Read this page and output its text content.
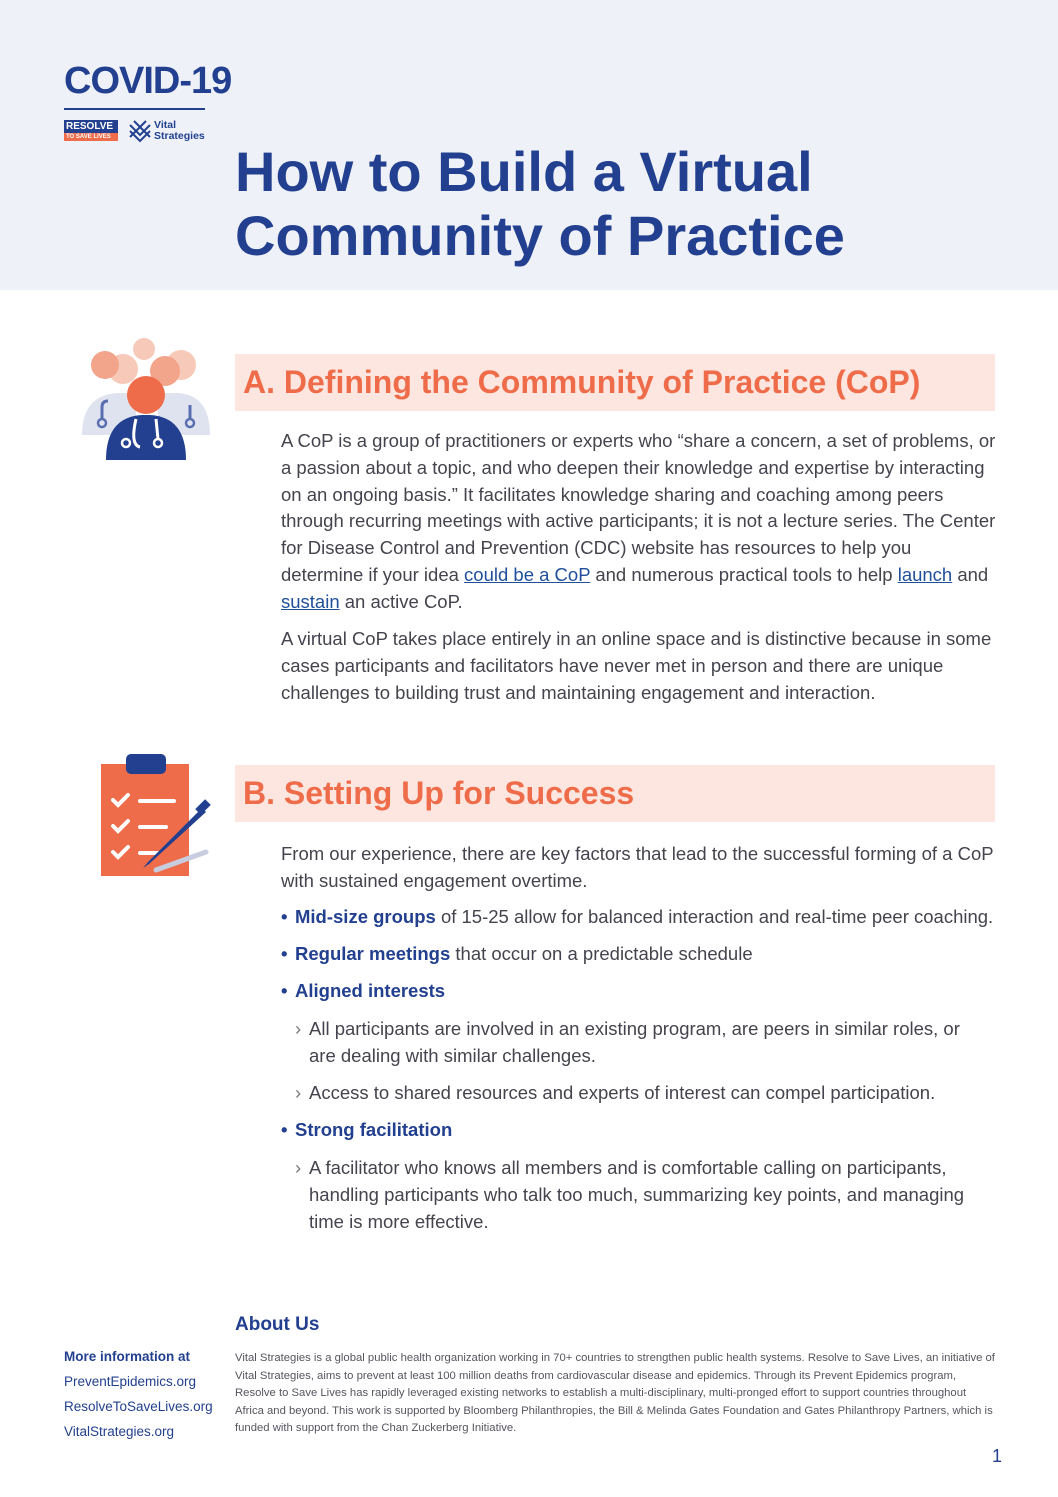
COVID-19
RESOLVE
TO SAVE LIVES
Vital
Strategies
How to Build a Virtual
Community of Practice
A. Defining the Community of Practice (CoP)

A CoP is a group of practitioners or experts who “share a concern, a set of problems, or a passion about a topic, and who deepen their knowledge and expertise by interacting on an ongoing basis.” It facilitates knowledge sharing and coaching among peers through recurring meetings with active participants; it is not a lecture series. The Center for Disease Control and Prevention (CDC) website has resources to help you determine if your idea could be a CoP and numerous practical tools to help launch and sustain an active CoP.

A virtual CoP takes place entirely in an online space and is distinctive because in some cases participants and facilitators have never met in person and there are unique challenges to building trust and maintaining engagement and interaction.

B. Setting Up for Success

From our experience, there are key factors that lead to the successful forming of a CoP with sustained engagement overtime.

• Mid-size groups of 15-25 allow for balanced interaction and real-time peer coaching.

• Regular meetings that occur on a predictable schedule

• Aligned interests

› All participants are involved in an existing program, are peers in similar roles, or are dealing with similar challenges.

› Access to shared resources and experts of interest can compel participation.

• Strong facilitation

› A facilitator who knows all members and is comfortable calling on participants, handling participants who talk too much, summarizing key points, and managing time is more effective.

More information at
PreventEpidemics.org
ResolveToSaveLives.org
VitalStrategies.org
About Us

Vital Strategies is a global public health organization working in 70+ countries to strengthen public health systems. Resolve to Save Lives, an initiative of Vital Strategies, aims to prevent at least 100 million deaths from cardiovascular disease and epidemics. Through its Prevent Epidemics program, Resolve to Save Lives has rapidly leveraged existing networks to establish a multi-disciplinary, multi-pronged effort to support countries throughout Africa and beyond. This work is supported by Bloomberg Philanthropies, the Bill & Melinda Gates Foundation and Gates Philanthropy Partners, which is funded with support from the Chan Zuckerberg Initiative.

1
